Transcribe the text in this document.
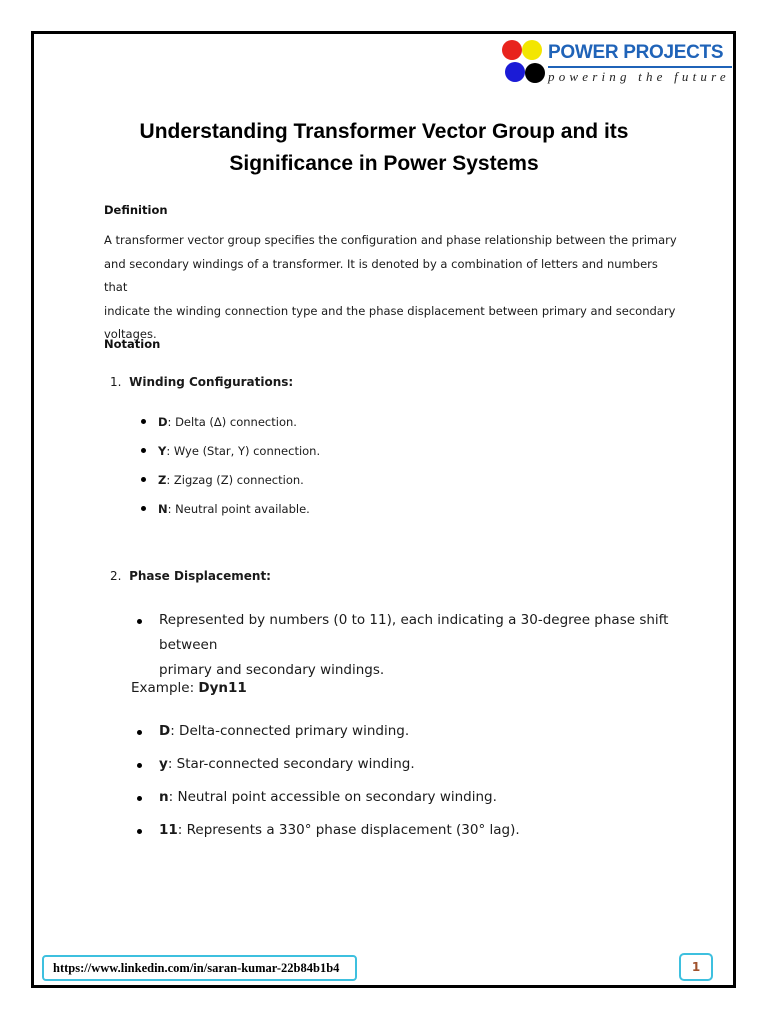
POWER PROJECTS
powering the future
Understanding Transformer Vector Group and its
Significance in Power Systems
Definition

A transformer vector group specifies the configuration and phase relationship between the primary
and secondary windings of a transformer. It is denoted by a combination of letters and numbers that
indicate the winding connection type and the phase displacement between primary and secondary
voltages.

Notation
1. Winding Configurations:
D: Delta (Δ) connection.
Y: Wye (Star, Y) connection.
Z: Zigzag (Z) connection.
N: Neutral point available.
2. Phase Displacement:
Represented by numbers (0 to 11), each indicating a 30-degree phase shift between
primary and secondary windings.
Example: Dyn11
D: Delta-connected primary winding.
y: Star-connected secondary winding.
n: Neutral point accessible on secondary winding.
11: Represents a 330° phase displacement (30° lag).
https://www.linkedin.com/in/saran-kumar-22b84b1b4	1
